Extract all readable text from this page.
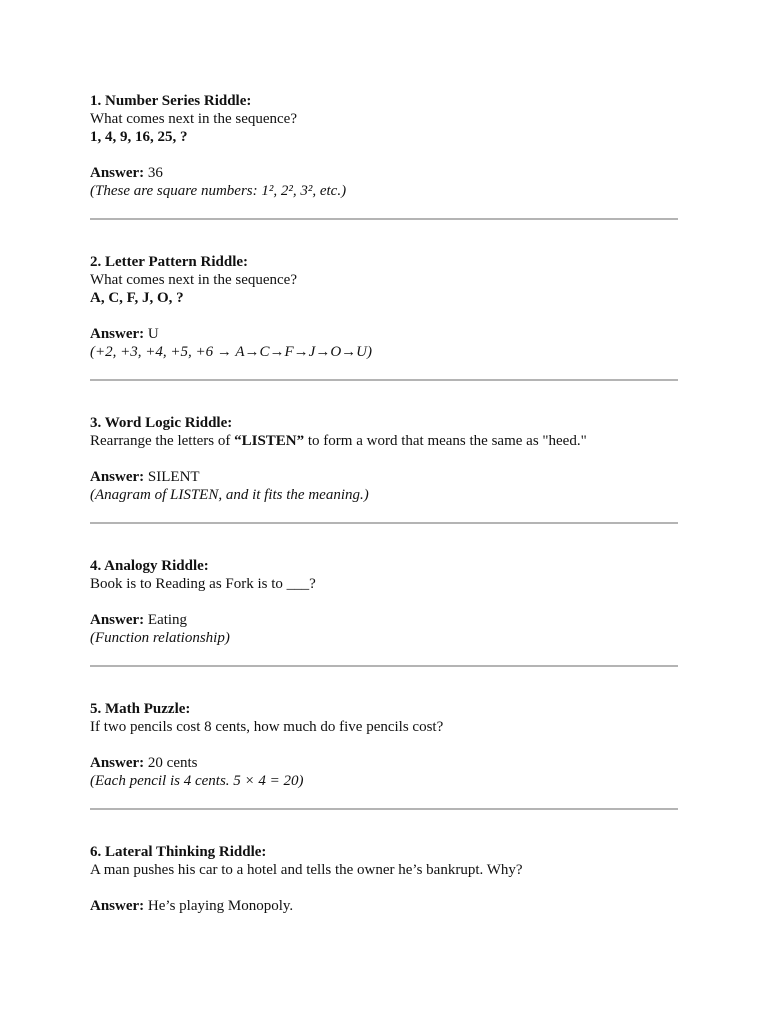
1. Number Series Riddle:
What comes next in the sequence?
1, 4, 9, 16, 25, ?
Answer: 36
(These are square numbers: 1², 2², 3², etc.)
2. Letter Pattern Riddle:
What comes next in the sequence?
A, C, F, J, O, ?
Answer: U
(+2, +3, +4, +5, +6 → A→C→F→J→O→U)
3. Word Logic Riddle:
Rearrange the letters of “LISTEN” to form a word that means the same as "heed."
Answer: SILENT
(Anagram of LISTEN, and it fits the meaning.)
4. Analogy Riddle:
Book is to Reading as Fork is to ___?
Answer: Eating
(Function relationship)
5. Math Puzzle:
If two pencils cost 8 cents, how much do five pencils cost?
Answer: 20 cents
(Each pencil is 4 cents. 5 × 4 = 20)
6. Lateral Thinking Riddle:
A man pushes his car to a hotel and tells the owner he’s bankrupt. Why?
Answer: He’s playing Monopoly.
